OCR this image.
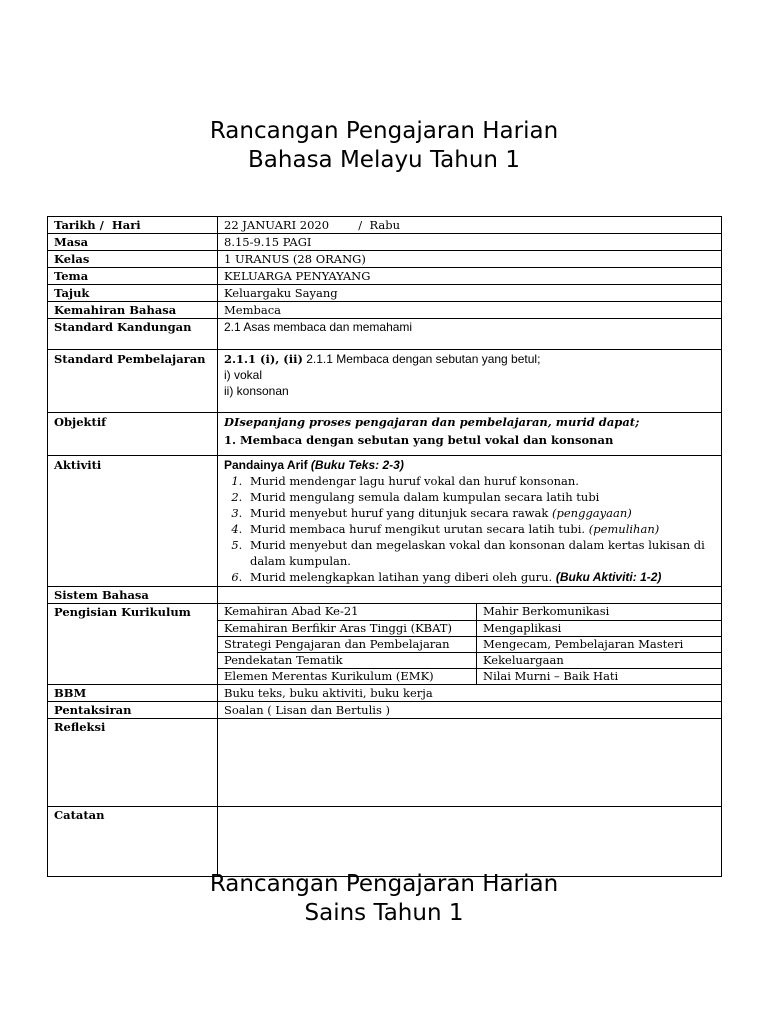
Rancangan Pengajaran Harian
Bahasa Melayu Tahun 1
Tarikh /  Hari	22 JANUARI 2020        /  Rabu
Masa	8.15-9.15 PAGI
Kelas	1 URANUS (28 ORANG)
Tema	KELUARGA PENYAYANG
Tajuk	Keluargaku Sayang
Kemahiran Bahasa	Membaca
Standard Kandungan	2.1 Asas membaca dan memahami
Standard Pembelajaran	2.1.1 (i), (ii) 2.1.1 Membaca dengan sebutan yang betul;
i) vokal
ii) konsonan

Objektif	DIsepanjang proses pengajaran dan pembelajaran, murid dapat;
1. Membaca dengan sebutan yang betul vokal dan konsonan

Aktiviti	Pandainya Arif (Buku Teks: 2-3)
1. Murid mendengar lagu huruf vokal dan huruf konsonan.
2. Murid mengulang semula dalam kumpulan secara latih tubi
3. Murid menyebut huruf yang ditunjuk secara rawak (penggayaan)
4. Murid membaca huruf mengikut urutan secara latih tubi. (pemulihan)
5. Murid menyebut dan megelaskan vokal dan konsonan dalam kertas lukisan di dalam kumpulan.
6. Murid melengkapkan latihan yang diberi oleh guru. (Buku Aktiviti: 1-2)

Sistem Bahasa	
Pengisian Kurikulum		Kemahiran Abad Ke-21	Mahir Berkomunikasi
Kemahiran Berfikir Aras Tinggi (KBAT)	Mengaplikasi
Strategi Pengajaran dan Pembelajaran	Mengecam, Pembelajaran Masteri
Pendekatan Tematik	Kekeluargaan
Elemen Merentas Kurikulum (EMK)	Nilai Murni – Baik Hati

BBM	Buku teks, buku aktiviti, buku kerja
Pentaksiran	Soalan ( Lisan dan Bertulis )
Refleksi	
Catatan	
Rancangan Pengajaran Harian
Sains Tahun 1
